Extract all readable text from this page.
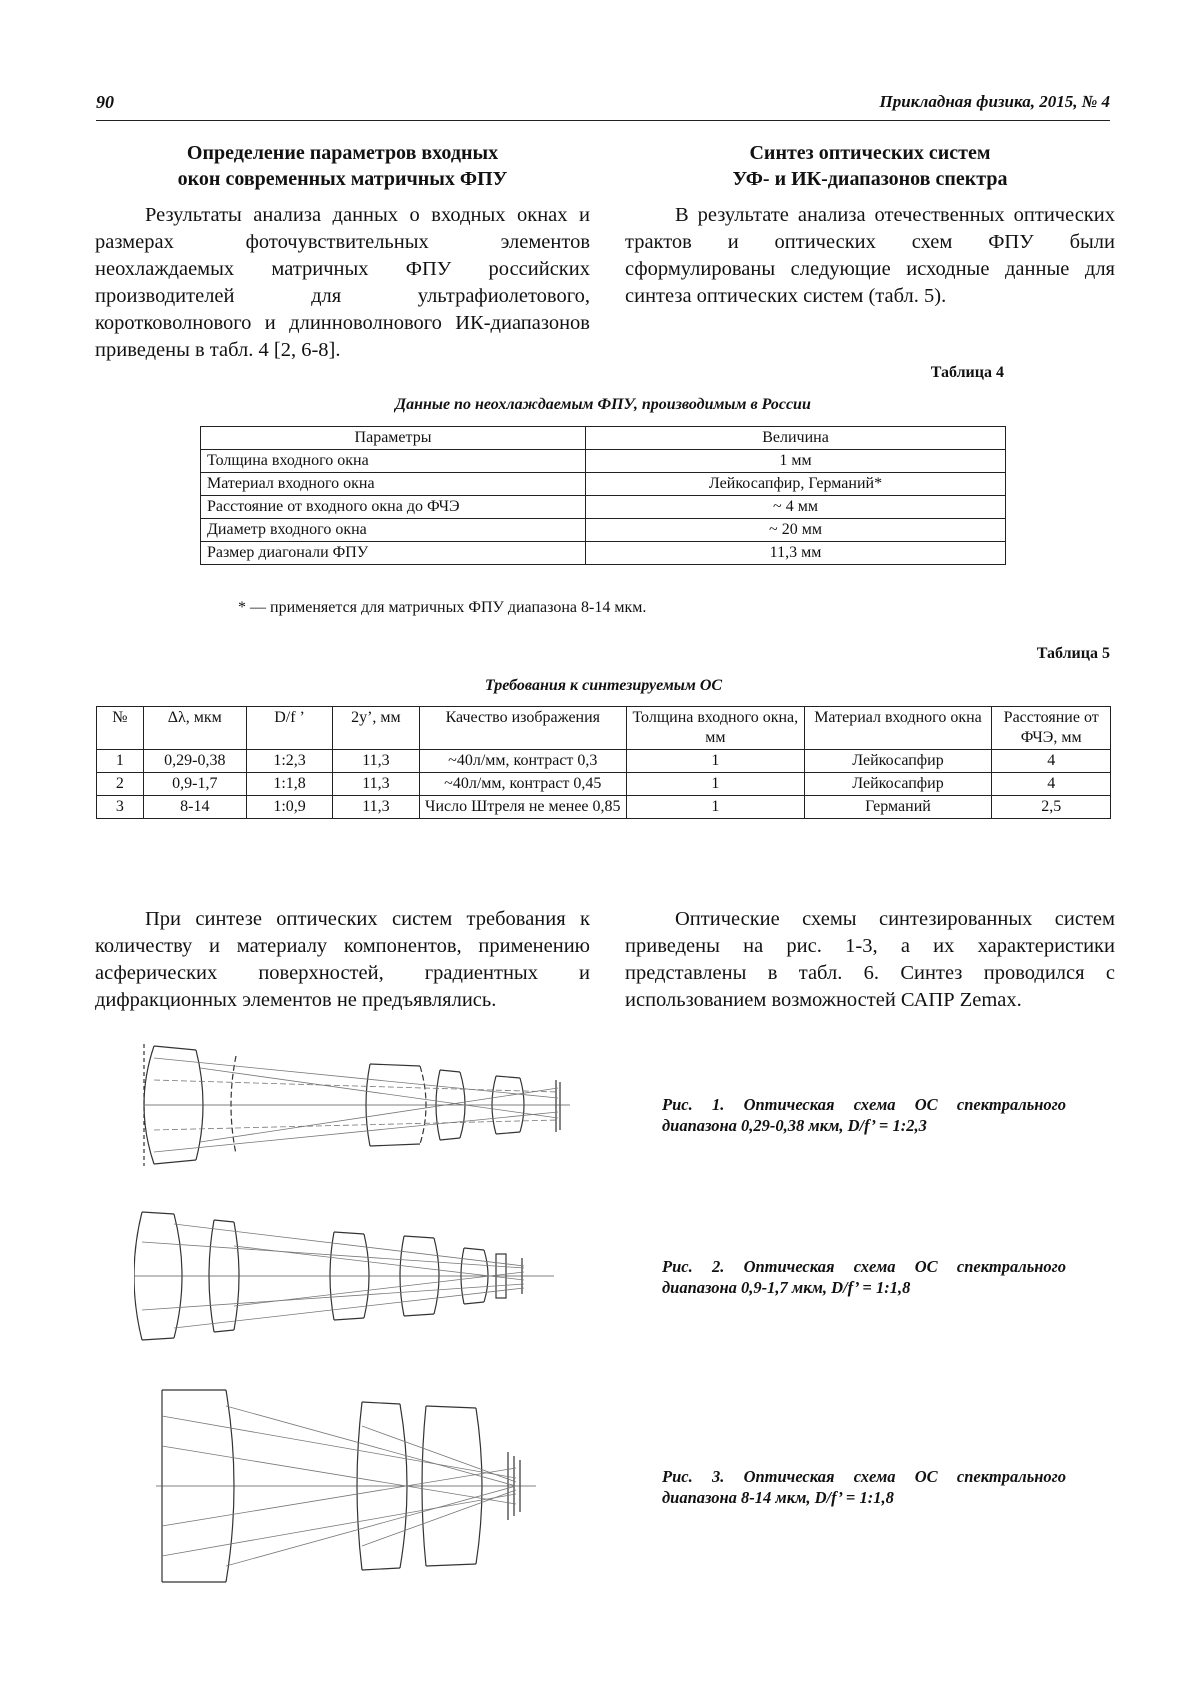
90	Прикладная физика, 2015, № 4
Определение параметров входных
окон современных матричных ФПУ

Результаты анализа данных о входных окнах и размерах фоточувствительных элементов неохлаждаемых матричных ФПУ российских производителей для ультрафиолетового, коротковолнового и длинноволнового ИК-диапазонов приведены в табл. 4 [2, 6-8].

Синтез оптических систем
УФ- и ИК-диапазонов спектра

В результате анализа отечественных оптических трактов и оптических схем ФПУ были сформулированы следующие исходные данные для синтеза оптических систем (табл. 5).

Таблица 4
Данные по неохлаждаемым ФПУ, производимым в России
Параметры	Величина
Толщина входного окна	1 мм
Материал входного окна	Лейкосапфир, Германий*
Расстояние от входного окна до ФЧЭ	~ 4 мм
Диаметр входного окна	~ 20 мм
Размер диагонали ФПУ	11,3 мм
* — применяется для матричных ФПУ диапазона 8-14 мкм.
Таблица 5
Требования к синтезируемым ОС
№	Δλ, мкм	D/f ’	2y’, мм	Качество изображения	Толщина входного окна, мм	Материал входного окна	Расстояние от ФЧЭ, мм
1	0,29-0,38	1:2,3	11,3	~40л/мм, контраст 0,3	1	Лейкосапфир	4
2	0,9-1,7	1:1,8	11,3	~40л/мм, контраст 0,45	1	Лейкосапфир	4
3	8-14	1:0,9	11,3	Число Штреля не менее 0,85	1	Германий	2,5

При синтезе оптических систем требования к количеству и материалу компонентов, применению асферических поверхностей, градиентных и дифракционных элементов не предъявлялись.

Оптические схемы синтезированных систем приведены на рис. 1-3, а их характеристики представлены в табл. 6. Синтез проводился с использованием возможностей САПР Zemax.

Рис. 1. Оптическая схема ОС спектрального диапазона 0,29-0,38 мкм, D/f’ = 1:2,3
Рис. 2. Оптическая схема ОС спектрального диапазона 0,9-1,7 мкм, D/f’ = 1:1,8
Рис. 3. Оптическая схема ОС спектрального диапазона 8-14 мкм, D/f’ = 1:1,8
